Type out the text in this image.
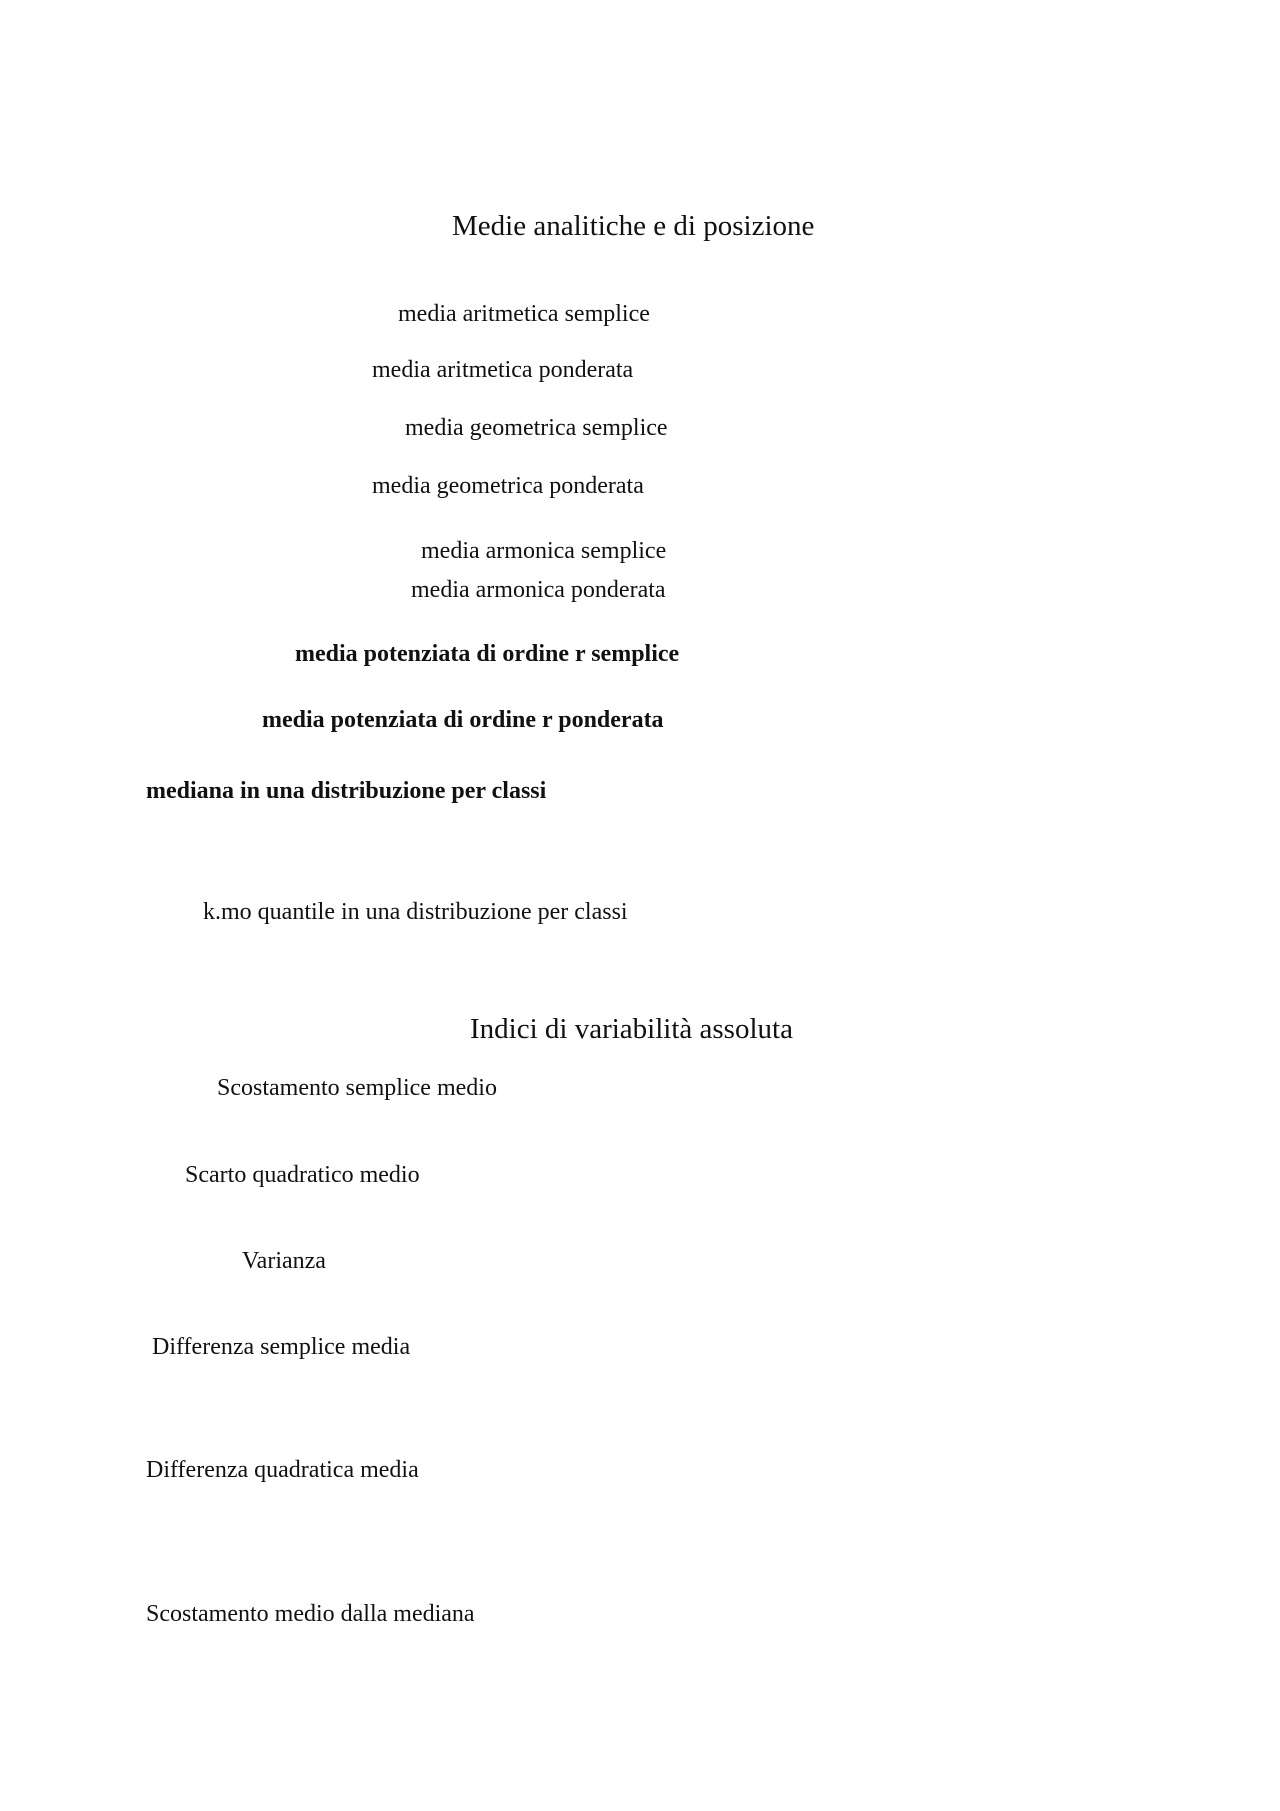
Medie analitiche e di posizione
media aritmetica semplice
media aritmetica ponderata
media geometrica semplice
media geometrica ponderata
media armonica semplice
media armonica ponderata
media potenziata di ordine r semplice
media potenziata di ordine r ponderata
mediana in una distribuzione per classi
k.mo quantile in una distribuzione per classi
Indici di variabilità assoluta
Scostamento semplice medio
Scarto quadratico medio
Varianza
Differenza semplice media
Differenza quadratica media
Scostamento medio dalla mediana
